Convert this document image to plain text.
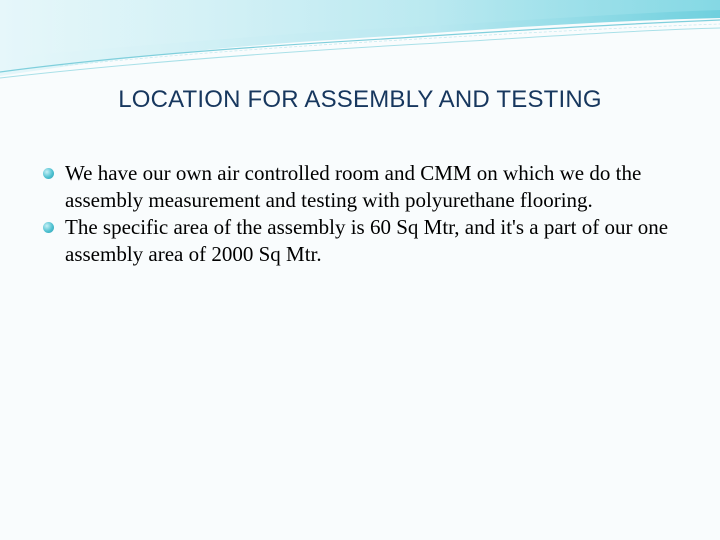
LOCATION FOR ASSEMBLY AND TESTING
We have our own air controlled room and CMM on which we do the assembly measurement and testing with polyurethane flooring.
The specific area of the assembly is 60 Sq Mtr, and it's a part of our one assembly area of 2000 Sq Mtr.
